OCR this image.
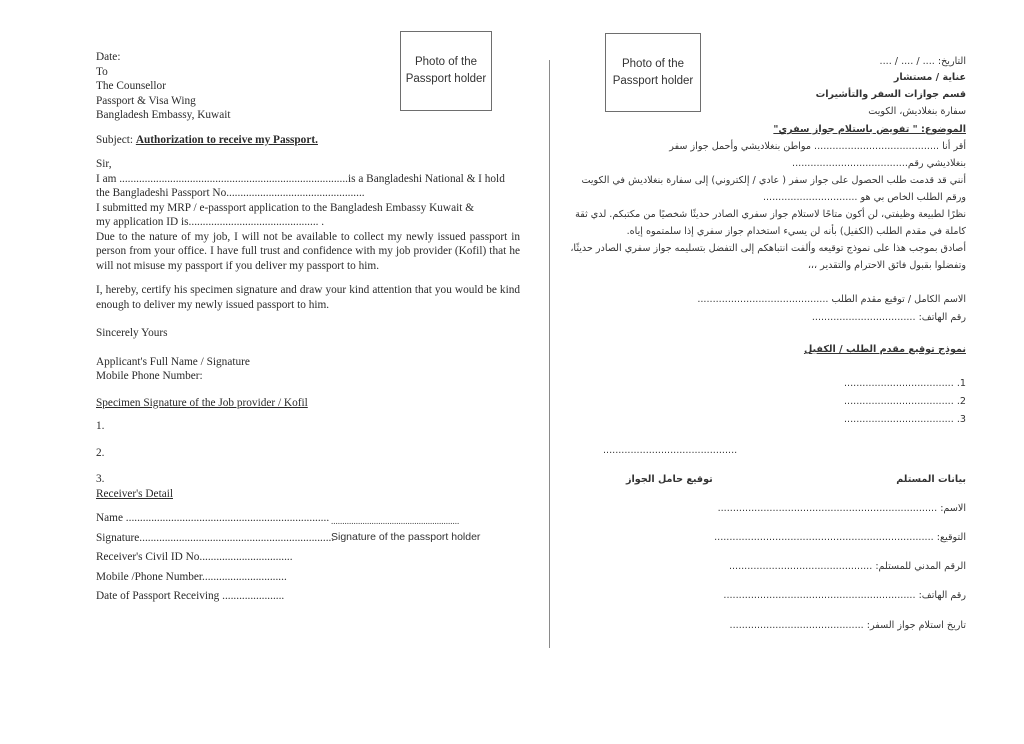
Photo of the Passport holder
Photo of the Passport holder
Date:
To
The Counsellor
Passport & Visa Wing
Bangladesh Embassy, Kuwait
Subject: Authorization to receive my Passport.
Sir,
I am .................................................................................is a Bangladeshi National & I hold
the Bangladeshi Passport No.................................................
I submitted my MRP / e-passport application to the Bangladesh Embassy Kuwait &
my application ID is.............................................. .
Due to the nature of my job, I will not be available to collect my newly issued passport in person from your office. I have full trust and confidence with my job provider (Kofil) that he will not misuse my passport if you deliver my passport to him.
I, hereby, certify his specimen signature and draw your kind attention that you would be kind enough to deliver my newly issued passport to him.
Sincerely Yours
Applicant's Full Name / Signature
Mobile Phone Number:
Specimen Signature of the Job provider / Kofil
1.
2.
3.
Receiver's Detail
Name ........................................................................
Signature.....................................................................
Receiver's Civil ID No.................................
Mobile /Phone Number..............................
Date of Passport Receiving ......................
.........................................................
Signature of the passport holder
التاريخ: .... / .... / ....
عناية / مستشار
قسم جوازات السفر والتأشيرات
سفارة بنغلاديش، الكويت
الموضوع: " تفويض باستلام جواز سفري"
أقر أنا ......................................... مواطن بنغلاديشي وأحمل جواز سفر
بنغلاديشي رقم......................................
أنني قد قدمت طلب الحصول على جواز سفر ( عادي / إلكتروني) إلى سفارة بنغلاديش في الكويت
ورقم الطلب الخاص بي هو ...............................
نظرًا لطبيعة وظيفتي، لن أكون متاحًا لاستلام جواز سفري الصادر حديثًا شخصيًا من مكتبكم. لدي ثقة
كاملة في مقدم الطلب (الكفيل) بأنه لن يسيء استخدام جواز سفري إذا سلمتموه إياه.
أصادق بموجب هذا على نموذج توقيعه وألفت انتباهكم إلى التفضل بتسليمه جواز سفري الصادر حديثًا،
وتفضلوا بقبول فائق الاحترام والتقدير ،،،
الاسم الكامل / توقيع مقدم الطلب ...........................................
رقم الهاتف: ..................................
نموذج توقيع مقدم الطلب / الكفيل
1. ....................................
2. ....................................
3. ....................................
............................................
توقيع حامل الجواز	بيانات المستلم
الاسم: ........................................................................
التوقيع: ........................................................................
الرقم المدني للمستلم: ...............................................
رقم الهاتف: ...............................................................
تاريخ استلام جواز السفر: ............................................
